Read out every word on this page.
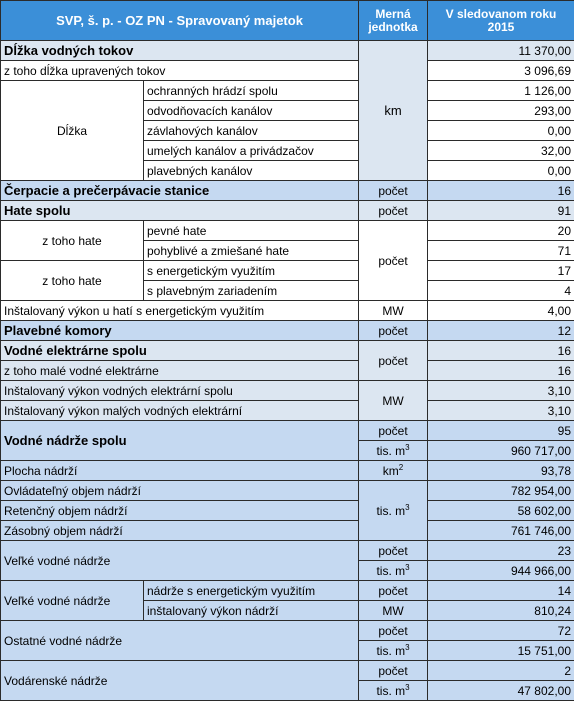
SVP, š. p. - OZ PN - Spravovaný majetok		Merná jednotka	V sledovanom roku 2015
Dĺžka vodných tokov		km	11 370,00
z toho dĺžka upravených tokov			3 096,69
Dĺžka	ochranných hrádzí spolu		1 126,00
	odvodňovacích kanálov		293,00
	závlahových kanálov		0,00
	umelých kanálov a privádzačov		32,00
	plavebných kanálov		0,00
Čerpacie a prečerpávacie stanice		počet	16
Hate spolu		počet	91
z toho hate	pevné hate	počet	20
	pohyblivé a zmiešané hate		71
z toho hate	s energetickým využitím		17
	s plavebným zariadením		4
Inštalovaný výkon u hatí s energetickým využitím		MW	4,00
Plavebné komory		počet	12
Vodné elektrárne spolu		počet	16
z toho malé vodné elektrárne			16
Inštalovaný výkon vodných elektrární spolu		MW	3,10
Inštalovaný výkon malých vodných elektrární			3,10
Vodné nádrže spolu		počet	95
		tis. $m^3$	960 717,00
Plocha nádrží		$km^2$	93,78
Ovládateľný objem nádrží		tis. $m^3$	782 954,00
Retenčný objem nádrží			58 602,00
Zásobný objem nádrží			761 746,00
Veľké vodné nádrže		počet	23
		tis. $m^3$	944 966,00
Veľké vodné nádrže	nádrže s energetickým využitím	počet	14
	inštalovaný výkon nádrží	MW	810,24
Ostatné vodné nádrže		počet	72
		tis. $m^3$	15 751,00
Vodárenské nádrže		počet	2
		tis. $m^3$	47 802,00
